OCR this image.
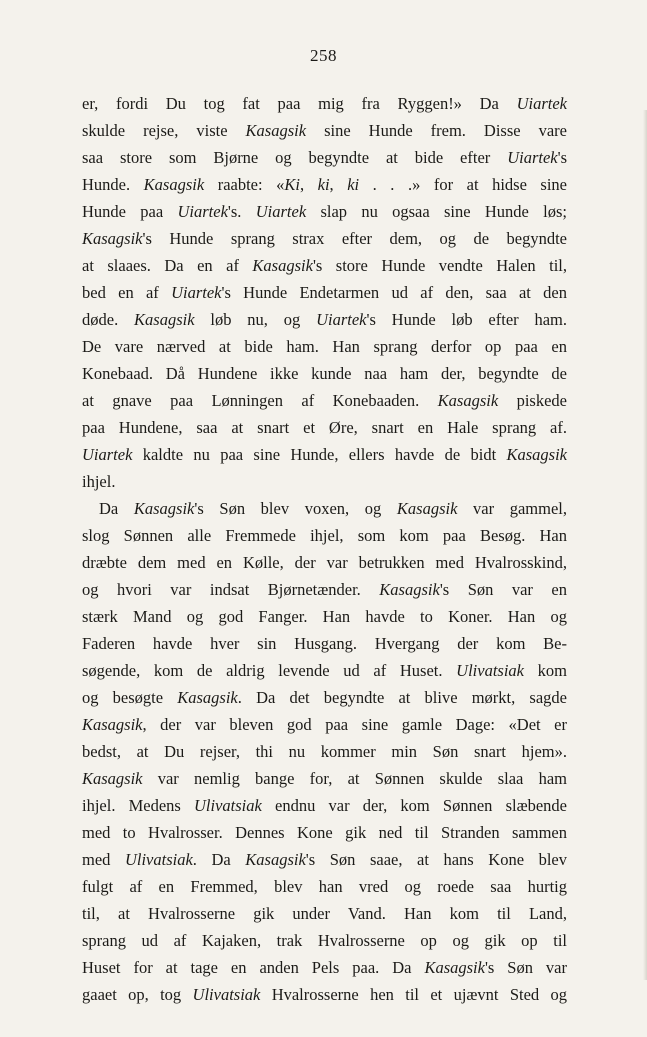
258
er, fordi Du tog fat paa mig fra Ryggen!» Da Uiartek
skulde rejse, viste Kasagsik sine Hunde frem. Disse vare
saa store som Bjørne og begyndte at bide efter Uiartek's
Hunde. Kasagsik raabte: «Ki, ki, ki . . .» for at hidse sine
Hunde paa Uiartek's. Uiartek slap nu ogsaa sine Hunde løs;
Kasagsik's Hunde sprang strax efter dem, og de begyndte
at slaaes. Da en af Kasagsik's store Hunde vendte Halen til,
bed en af Uiartek's Hunde Endetarmen ud af den, saa at den
døde. Kasagsik løb nu, og Uiartek's Hunde løb efter ham.
De vare nærved at bide ham. Han sprang derfor op paa en
Konebaad. Då Hundene ikke kunde naa ham der, begyndte de
at gnave paa Lønningen af Konebaaden. Kasagsik piskede
paa Hundene, saa at snart et Øre, snart en Hale sprang af.
Uiartek kaldte nu paa sine Hunde, ellers havde de bidt Kasagsik
ihjel.
Da Kasagsik's Søn blev voxen, og Kasagsik var gammel,
slog Sønnen alle Fremmede ihjel, som kom paa Besøg. Han
dræbte dem med en Kølle, der var betrukken med Hvalrosskind,
og hvori var indsat Bjørnetænder. Kasagsik's Søn var en
stærk Mand og god Fanger. Han havde to Koner. Han og
Faderen havde hver sin Husgang. Hvergang der kom Be-
søgende, kom de aldrig levende ud af Huset. Ulivatsiak kom
og besøgte Kasagsik. Da det begyndte at blive mørkt, sagde
Kasagsik, der var bleven god paa sine gamle Dage: «Det er
bedst, at Du rejser, thi nu kommer min Søn snart hjem».
Kasagsik var nemlig bange for, at Sønnen skulde slaa ham
ihjel. Medens Ulivatsiak endnu var der, kom Sønnen slæbende
med to Hvalrosser. Dennes Kone gik ned til Stranden sammen
med Ulivatsiak. Da Kasagsik's Søn saae, at hans Kone blev
fulgt af en Fremmed, blev han vred og roede saa hurtig
til, at Hvalrosserne gik under Vand. Han kom til Land,
sprang ud af Kajaken, trak Hvalrosserne op og gik op til
Huset for at tage en anden Pels paa. Da Kasagsik's Søn var
gaaet op, tog Ulivatsiak Hvalrosserne hen til et ujævnt Sted og
